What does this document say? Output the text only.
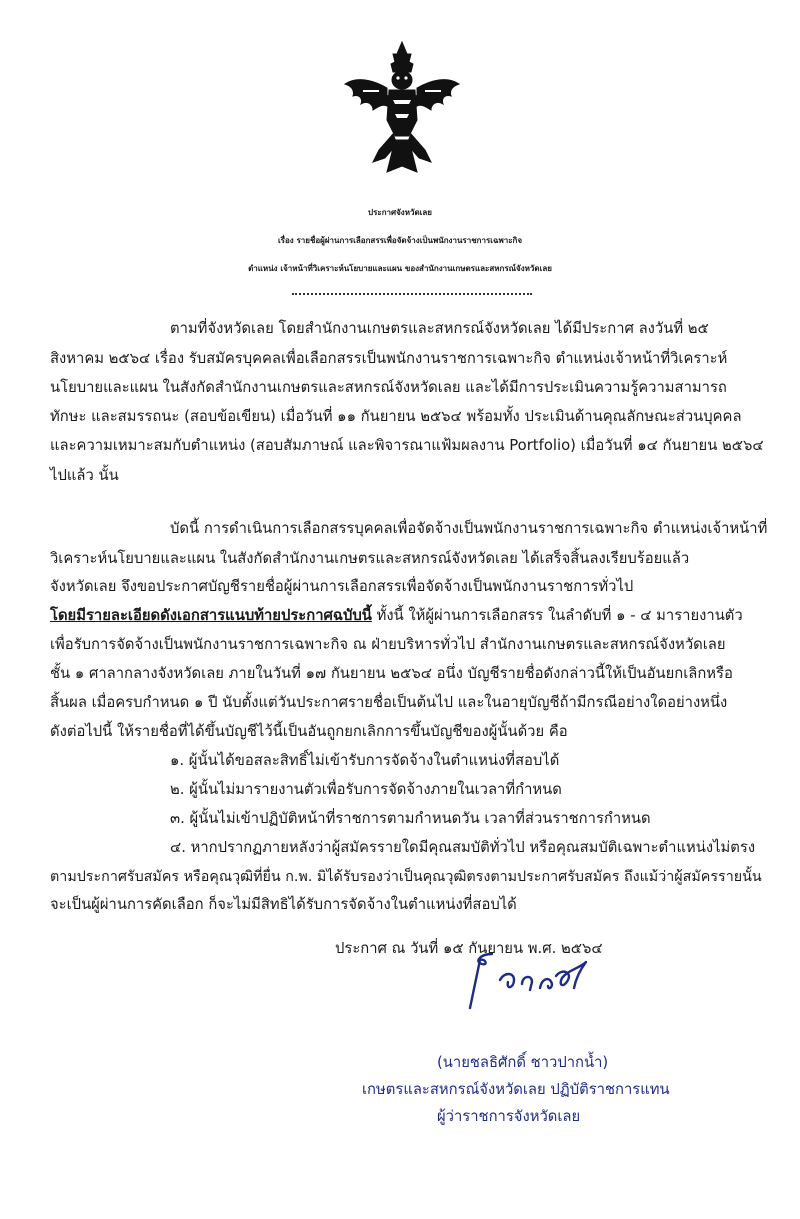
ประกาศจังหวัดเลย
เรื่อง รายชื่อผู้ผ่านการเลือกสรรเพื่อจัดจ้างเป็นพนักงานราชการเฉพาะกิจ
ตำแหน่ง เจ้าหน้าที่วิเคราะห์นโยบายและแผน ของสำนักงานเกษตรและสหกรณ์จังหวัดเลย
ตามที่จังหวัดเลย โดยสำนักงานเกษตรและสหกรณ์จังหวัดเลย ได้มีประกาศ ลงวันที่ ๒๕
สิงหาคม ๒๕๖๔ เรื่อง รับสมัครบุคคลเพื่อเลือกสรรเป็นพนักงานราชการเฉพาะกิจ ตำแหน่งเจ้าหน้าที่วิเคราะห์
นโยบายและแผน ในสังกัดสำนักงานเกษตรและสหกรณ์จังหวัดเลย และได้มีการประเมินความรู้ความสามารถ
ทักษะ และสมรรถนะ (สอบข้อเขียน) เมื่อวันที่ ๑๑ กันยายน ๒๕๖๔ พร้อมทั้ง ประเมินด้านคุณลักษณะส่วนบุคคล
และความเหมาะสมกับตำแหน่ง (สอบสัมภาษณ์ และพิจารณาแฟ้มผลงาน Portfolio) เมื่อวันที่ ๑๔ กันยายน ๒๕๖๔
ไปแล้ว นั้น
บัดนี้ การดำเนินการเลือกสรรบุคคลเพื่อจัดจ้างเป็นพนักงานราชการเฉพาะกิจ ตำแหน่งเจ้าหน้าที่
วิเคราะห์นโยบายและแผน ในสังกัดสำนักงานเกษตรและสหกรณ์จังหวัดเลย ได้เสร็จสิ้นลงเรียบร้อยแล้ว
จังหวัดเลย จึงขอประกาศบัญชีรายชื่อผู้ผ่านการเลือกสรรเพื่อจัดจ้างเป็นพนักงานราชการทั่วไป
โดยมีรายละเอียดดังเอกสารแนบท้ายประกาศฉบับนี้ ทั้งนี้ ให้ผู้ผ่านการเลือกสรร ในลำดับที่ ๑ - ๔ มารายงานตัว
เพื่อรับการจัดจ้างเป็นพนักงานราชการเฉพาะกิจ ณ ฝ่ายบริหารทั่วไป สำนักงานเกษตรและสหกรณ์จังหวัดเลย
ชั้น ๑ ศาลากลางจังหวัดเลย ภายในวันที่ ๑๗ กันยายน ๒๕๖๔ อนึ่ง บัญชีรายชื่อดังกล่าวนี้ให้เป็นอันยกเลิกหรือ
สิ้นผล เมื่อครบกำหนด ๑ ปี นับตั้งแต่วันประกาศรายชื่อเป็นต้นไป และในอายุบัญชีถ้ามีกรณีอย่างใดอย่างหนึ่ง
ดังต่อไปนี้ ให้รายชื่อที่ได้ขึ้นบัญชีไว้นี้เป็นอันถูกยกเลิกการขึ้นบัญชีของผู้นั้นด้วย คือ
๑. ผู้นั้นได้ขอสละสิทธิ์ไม่เข้ารับการจัดจ้างในตำแหน่งที่สอบได้
๒. ผู้นั้นไม่มารายงานตัวเพื่อรับการจัดจ้างภายในเวลาที่กำหนด
๓. ผู้นั้นไม่เข้าปฏิบัติหน้าที่ราชการตามกำหนดวัน เวลาที่ส่วนราชการกำหนด
๔. หากปรากฏภายหลังว่าผู้สมัครรายใดมีคุณสมบัติทั่วไป หรือคุณสมบัติเฉพาะตำแหน่งไม่ตรง
ตามประกาศรับสมัคร หรือคุณวุฒิที่ยื่น ก.พ. มิได้รับรองว่าเป็นคุณวุฒิตรงตามประกาศรับสมัคร ถึงแม้ว่าผู้สมัครรายนั้น
จะเป็นผู้ผ่านการคัดเลือก ก็จะไม่มีสิทธิได้รับการจัดจ้างในตำแหน่งที่สอบได้
ประกาศ ณ วันที่ ๑๕ กันยายน พ.ศ. ๒๕๖๔
(นายชลธิศักดิ์ ชาวปากน้ำ)
เกษตรและสหกรณ์จังหวัดเลย ปฏิบัติราชการแทน
ผู้ว่าราชการจังหวัดเลย
